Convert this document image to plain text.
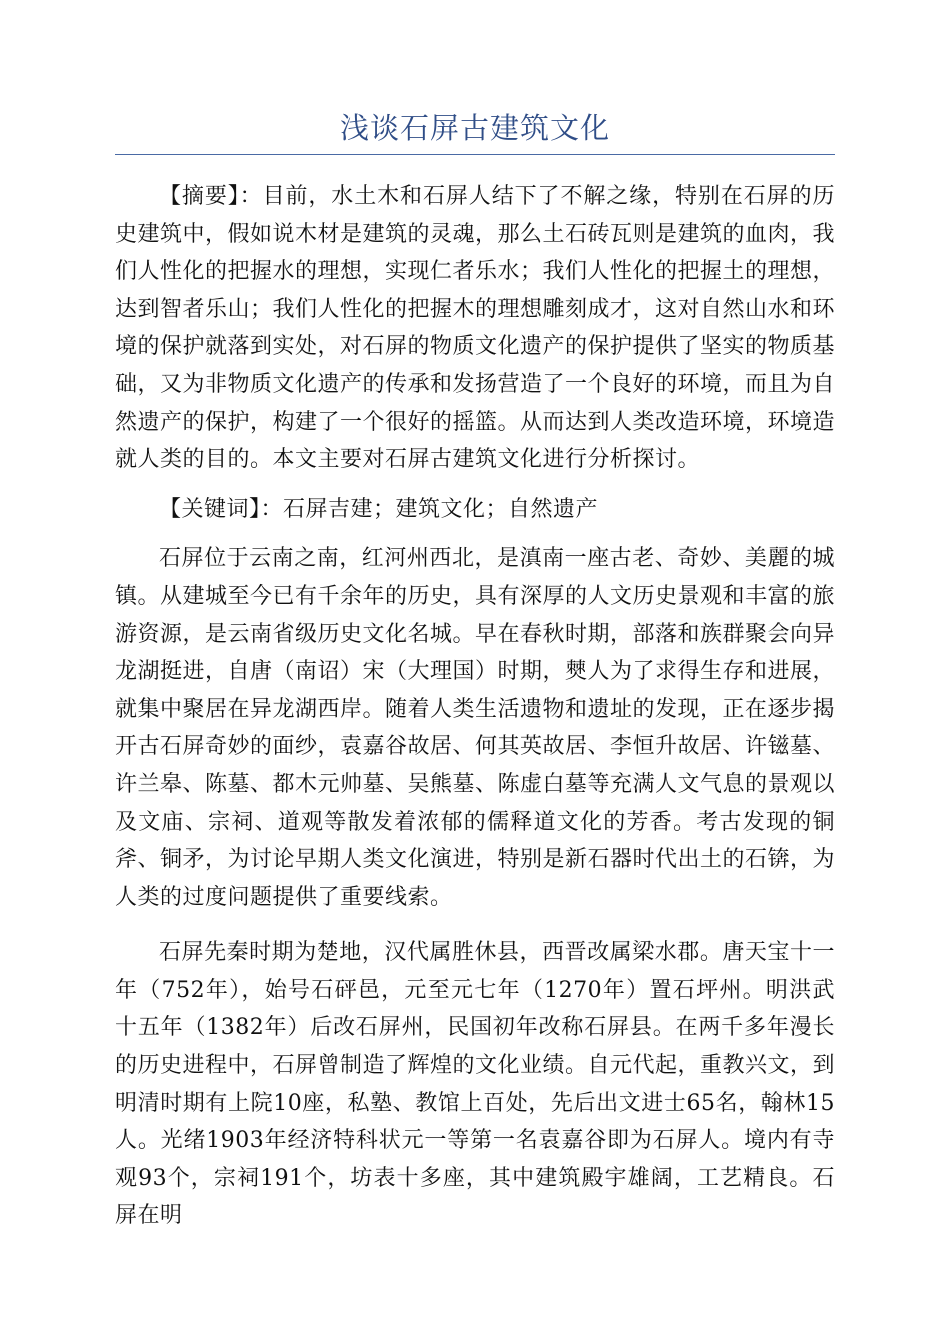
浅谈石屏古建筑文化

【摘要】：目前，水土木和石屏人结下了不解之缘，特别在石屏的历史建筑中，假如说木材是建筑的灵魂，那么土石砖瓦则是建筑的血肉，我们人性化的把握水的理想，实现仁者乐水；我们人性化的把握土的理想，达到智者乐山；我们人性化的把握木的理想雕刻成才，这对自然山水和环境的保护就落到实处，对石屏的物质文化遗产的保护提供了坚实的物质基础，又为非物质文化遗产的传承和发扬营造了一个良好的环境，而且为自然遗产的保护，构建了一个很好的摇篮。从而达到人类改造环境，环境造就人类的目的。本文主要对石屏古建筑文化进行分析探讨。

【关键词】：石屏吉建；建筑文化；自然遗产

石屏位于云南之南，红河州西北，是滇南一座古老、奇妙、美麗的城镇。从建城至今已有千余年的历史，具有深厚的人文历史景观和丰富的旅游资源，是云南省级历史文化名城。早在春秋时期，部落和族群聚会向异龙湖挺进，自唐（南诏）宋（大理国）时期，僰人为了求得生存和进展，就集中聚居在异龙湖西岸。随着人类生活遗物和遗址的发现，正在逐步揭开古石屏奇妙的面纱，袁嘉谷故居、何其英故居、李恒升故居、许镃墓、许兰皋、陈墓、都木元帅墓、吴熊墓、陈虚白墓等充满人文气息的景观以及文庙、宗祠、道观等散发着浓郁的儒释道文化的芳香。考古发现的铜斧、铜矛，为讨论早期人类文化演进，特别是新石器时代出土的石锛，为人类的过度问题提供了重要线索。

石屏先秦时期为楚地，汉代属胜休县，西晋改属梁水郡。唐天宝十一年（752年），始号石砰邑，元至元七年（1270年）置石坪州。明洪武十五年（1382年）后改石屏州，民国初年改称石屏县。在两千多年漫长的历史进程中，石屏曾制造了辉煌的文化业绩。自元代起，重教兴文，到明清时期有上院10座，私塾、教馆上百处，先后出文进士65名，翰林15人。光绪1903年经济特科状元一等第一名袁嘉谷即为石屏人。境内有寺观93个，宗祠191个，坊表十多座，其中建筑殿宇雄阔，工艺精良。石屏在明
